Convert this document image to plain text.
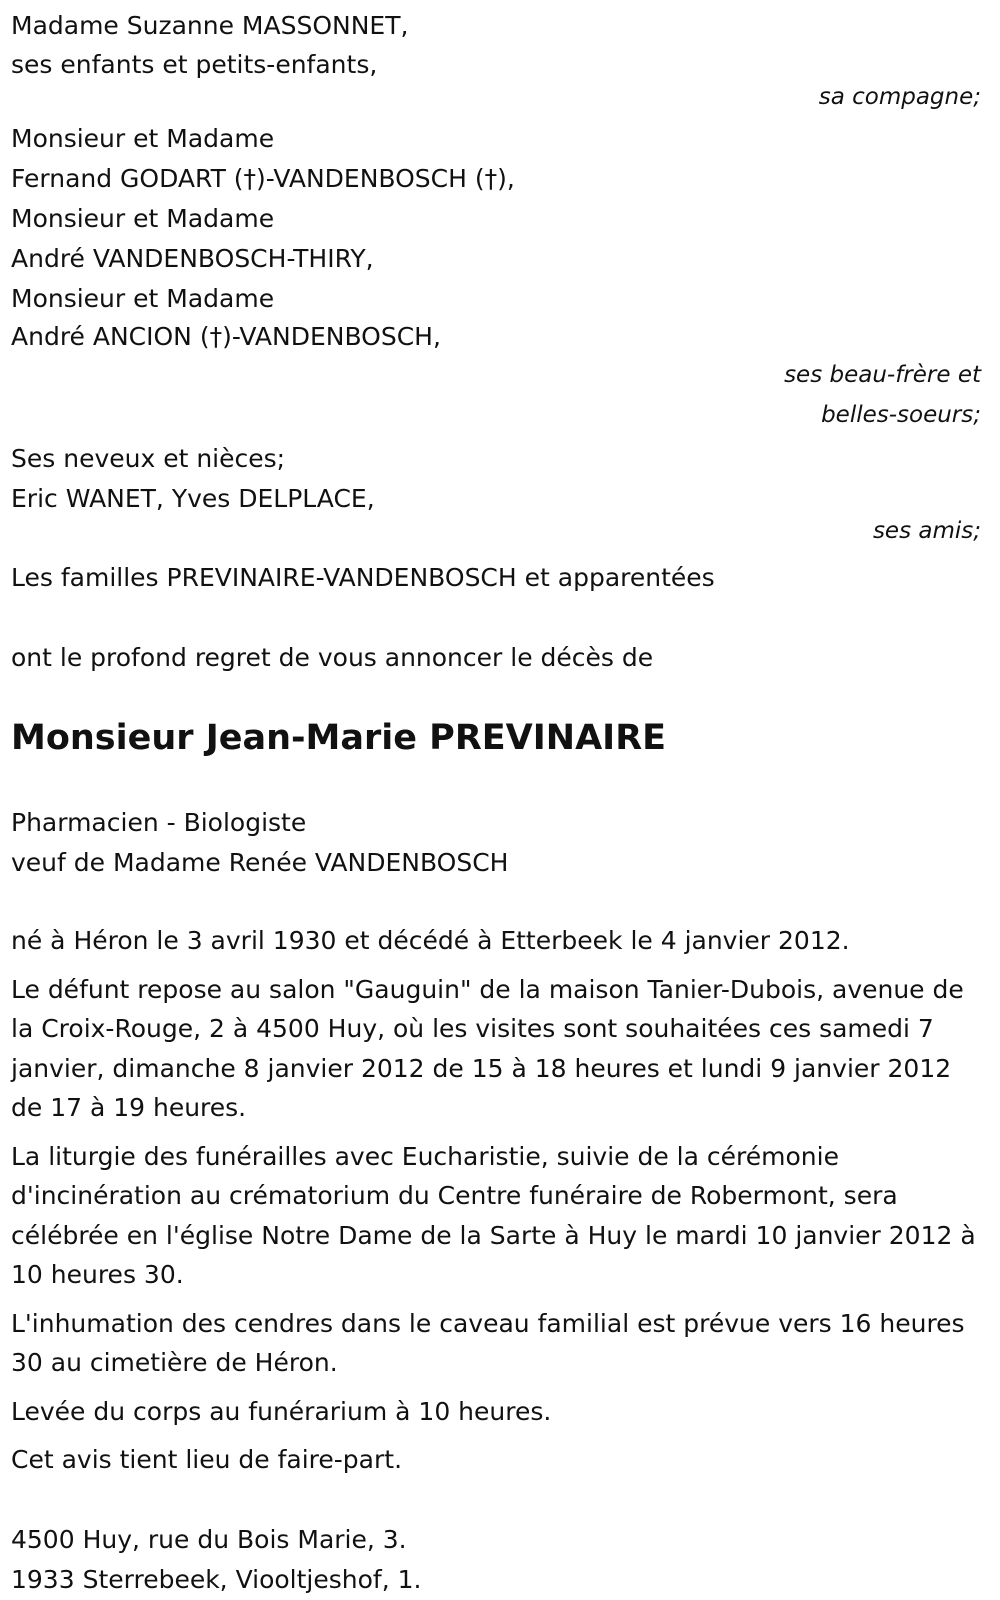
Madame Suzanne MASSONNET,

ses enfants et petits-enfants,

sa compagne;

Monsieur et Madame

Fernand GODART (†)-VANDENBOSCH (†),

Monsieur et Madame

André VANDENBOSCH-THIRY,

Monsieur et Madame

André ANCION (†)-VANDENBOSCH,

ses beau-frère et

belles-soeurs;

Ses neveux et nièces;

Eric WANET, Yves DELPLACE,

ses amis;

Les familles PREVINAIRE-VANDENBOSCH et apparentées

ont le profond regret de vous annoncer le décès de

Monsieur Jean-Marie PREVINAIRE

Pharmacien - Biologiste

veuf de Madame Renée VANDENBOSCH

né à Héron le 3 avril 1930 et décédé à Etterbeek le 4 janvier 2012.

Le défunt repose au salon "Gauguin" de la maison Tanier-Dubois, avenue de la Croix-Rouge, 2 à 4500 Huy, où les visites sont souhaitées ces samedi 7 janvier, dimanche 8 janvier 2012 de 15 à 18 heures et lundi 9 janvier 2012 de 17 à 19 heures.

La liturgie des funérailles avec Eucharistie, suivie de la cérémonie d'incinération au crématorium du Centre funéraire de Robermont, sera célébrée en l'église Notre Dame de la Sarte à Huy le mardi 10 janvier 2012 à 10 heures 30.

L'inhumation des cendres dans le caveau familial est prévue vers 16 heures 30 au cimetière de Héron.

Levée du corps au funérarium à 10 heures.

Cet avis tient lieu de faire-part.

4500 Huy, rue du Bois Marie, 3.

1933 Sterrebeek, Viooltjeshof, 1.
